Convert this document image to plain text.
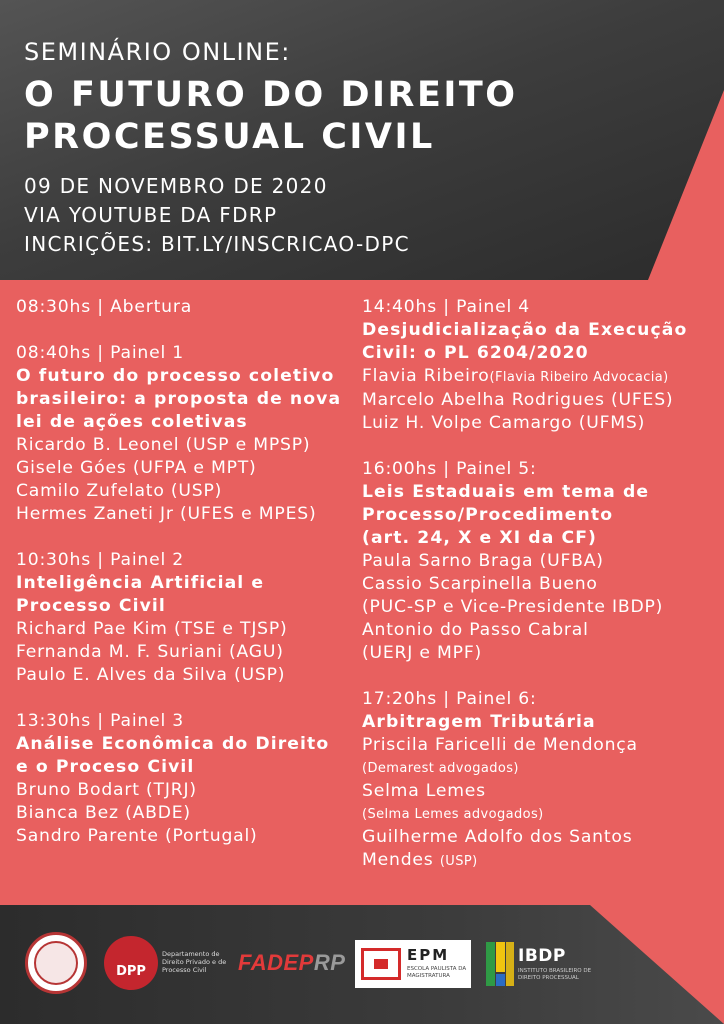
SEMINÁRIO ONLINE:
O FUTURO DO DIREITO
PROCESSUAL CIVIL
09 DE NOVEMBRO DE 2020
VIA YOUTUBE DA FDRP
INCRIÇÕES: BIT.LY/INSCRICAO-DPC
08:30hs | Abertura
08:40hs | Painel 1
O futuro do processo coletivo
brasileiro: a proposta de nova
lei de ações coletivas
Ricardo B. Leonel (USP e MPSP)
Gisele Góes (UFPA e MPT)
Camilo Zufelato (USP)
Hermes Zaneti Jr (UFES e MPES)
10:30hs | Painel 2
Inteligência Artificial e
Processo Civil
Richard Pae Kim (TSE e TJSP)
Fernanda M. F. Suriani (AGU)
Paulo E. Alves da Silva (USP)
13:30hs | Painel 3
Análise Econômica do Direito
e o Proceso Civil
Bruno Bodart (TJRJ)
Bianca Bez (ABDE)
Sandro Parente (Portugal)
14:40hs | Painel 4
Desjudicialização da Execução
Civil: o PL 6204/2020
Flavia Ribeiro(Flavia Ribeiro Advocacia)
Marcelo Abelha Rodrigues (UFES)
Luiz H. Volpe Camargo (UFMS)
16:00hs | Painel 5:
Leis Estaduais em tema de
Processo/Procedimento
(art. 24, X e XI da CF)
Paula Sarno Braga (UFBA)
Cassio Scarpinella Bueno
(PUC-SP e Vice-Presidente IBDP)
Antonio do Passo Cabral
(UERJ e MPF)
17:20hs | Painel 6:
Arbitragem Tributária
Priscila Faricelli de Mendonça
(Demarest advogados)
Selma Lemes
(Selma Lemes advogados)
Guilherme Adolfo dos Santos
Mendes (USP)
DPP
Departamento de Direito Privado e de Processo Civil	FADEPRP	EPM
ESCOLA PAULISTA DA MAGISTRATURA
IBDP
INSTITUTO BRASILEIRO DE DIREITO PROCESSUAL
